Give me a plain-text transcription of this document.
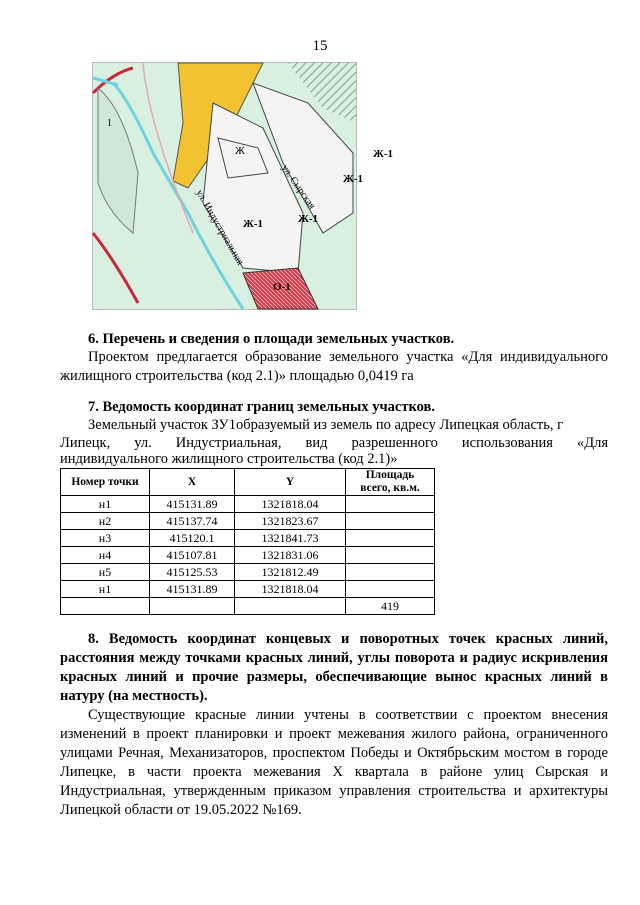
15
1
Ж
Ж-1	Ж-1
Ж-1
Ж-1
О-1
ул. Индустриальная
ул. Сырская
6. Перечень и сведения о площади земельных участков.
Проектом предлагается образование земельного участка «Для индивидуального жилищного строительства (код 2.1)» площадью 0,0419 га
7. Ведомость координат границ земельных участков.
Земельный участок ЗУ1образуемый из земель по адресу Липецкая область, г
Липецк, ул. Индустриальная, вид разрешенного использования «Для
индивидуального жилищного строительства (код 2.1)»
Номер точки	X	Y	Площадь всего, кв.м.
н1	415131.89	1321818.04	
н2	415137.74	1321823.67	
н3	415120.1	1321841.73	
н4	415107.81	1321831.06	
н5	415125.53	1321812.49	
н1	415131.89	1321818.04	
			419
8. Ведомость координат концевых и поворотных точек красных линий, расстояния между точками красных линий, углы поворота и радиус искривления красных линий и прочие размеры, обеспечивающие вынос красных линий в натуру (на местность).
Существующие красные линии учтены в соответствии с проектом внесения изменений в проект планировки и проект межевания жилого района, ограниченного улицами Речная, Механизаторов, проспектом Победы и Октябрьским мостом в городе Липецке, в части проекта межевания X квартала в районе улиц Сырская и Индустриальная, утвержденным приказом управления строительства и архитектуры Липецкой области от 19.05.2022 №169.
